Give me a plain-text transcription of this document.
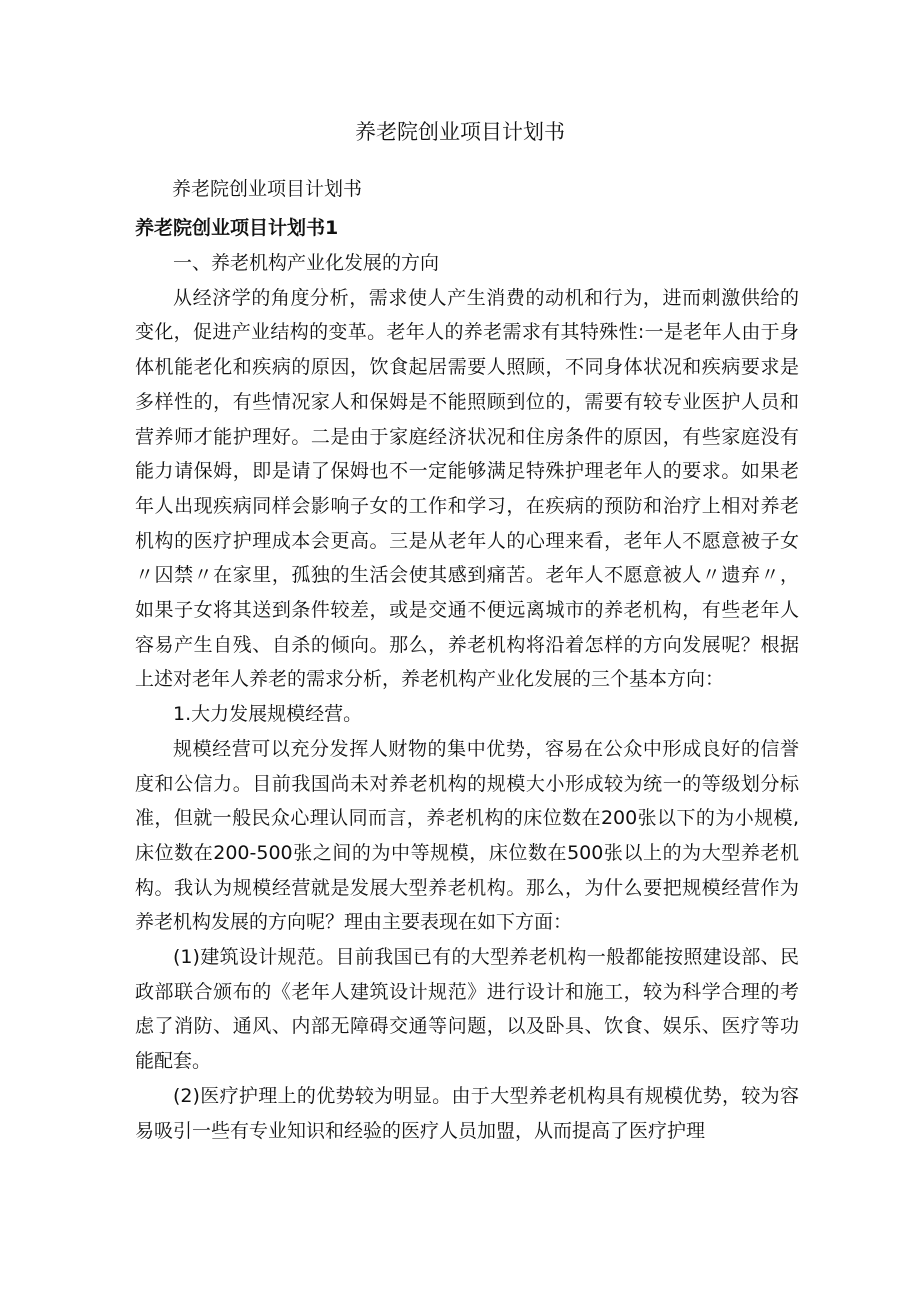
养老院创业项目计划书

养老院创业项目计划书

养老院创业项目计划书1

一、养老机构产业化发展的方向

从经济学的角度分析，需求使人产生消费的动机和行为，进而刺激供给的变化，促进产业结构的变革。老年人的养老需求有其特殊性:一是老年人由于身体机能老化和疾病的原因，饮食起居需要人照顾，不同身体状况和疾病要求是多样性的，有些情况家人和保姆是不能照顾到位的，需要有较专业医护人员和营养师才能护理好。二是由于家庭经济状况和住房条件的原因，有些家庭没有能力请保姆，即是请了保姆也不一定能够满足特殊护理老年人的要求。如果老年人出现疾病同样会影响子女的工作和学习，在疾病的预防和治疗上相对养老机构的医疗护理成本会更高。三是从老年人的心理来看，老年人不愿意被子女〃囚禁〃在家里，孤独的生活会使其感到痛苦。老年人不愿意被人〃遗弃〃，如果子女将其送到条件较差，或是交通不便远离城市的养老机构，有些老年人容易产生自残、自杀的倾向。那么，养老机构将沿着怎样的方向发展呢？根据上述对老年人养老的需求分析，养老机构产业化发展的三个基本方向：

1.大力发展规模经营。

规模经营可以充分发挥人财物的集中优势，容易在公众中形成良好的信誉度和公信力。目前我国尚未对养老机构的规模大小形成较为统一的等级划分标准，但就一般民众心理认同而言，养老机构的床位数在200张以下的为小规模,床位数在200-500张之间的为中等规模，床位数在500张以上的为大型养老机构。我认为规模经营就是发展大型养老机构。那么，为什么要把规模经营作为养老机构发展的方向呢？理由主要表现在如下方面：

(1)建筑设计规范。目前我国已有的大型养老机构一般都能按照建设部、民政部联合颁布的《老年人建筑设计规范》进行设计和施工，较为科学合理的考虑了消防、通风、内部无障碍交通等问题，以及卧具、饮食、娱乐、医疗等功能配套。

(2)医疗护理上的优势较为明显。由于大型养老机构具有规模优势，较为容易吸引一些有专业知识和经验的医疗人员加盟，从而提高了医疗护理
